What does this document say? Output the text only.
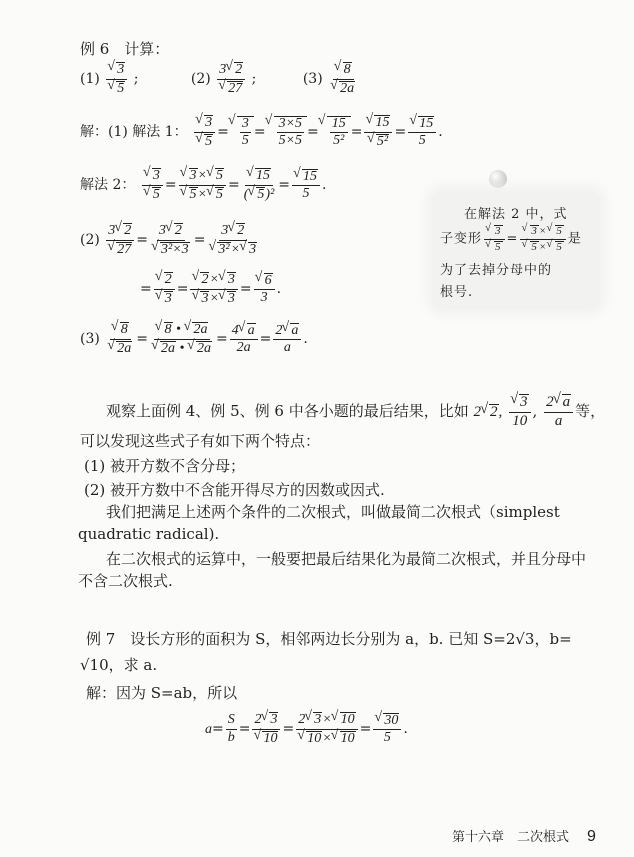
例 6　计算：
(1)
√ 3
√ 5 ;	(2) 3√ 2
√ 27 ;	(3)
√ 8
√ 2a
解：(1) 解法 1：
√ 3
√ 5 =
√ $\frac{3}{5}$ =
√ $\frac{3\times 5}{5\times 5}$ =
√ $\frac{15}{\text{5²}}$ =
√ 15
√ 5² =
√ $\frac{15}{5}$ .
解法 2：
√ 3
√ 5 =
√ 3×√ 5
√ 5×√ 5 =
√ $\frac{15}{\text{(√ 5)²}}$ =
√ $\frac{15}{5}$ .
(2) 3√ 2
√ 27 = 3√ 2
√ 3²×3 = 3√ 2
√ 3²×√ 3
=
√ 2
√ 3 =
√ 2×√ 3
√ 3×√ 3 =
√ $\frac{6}{3}$ .
(3)
√ 8
√ 2a =
√ 8 • √ 2a
√ 2a • √ $2a = \frac{4√ a}{2a} = \frac{2√ a}{a}$ .
在解法 2 中，式
子变形
√ 3
√ 5 =
√ 3×√ 5
√ 5×√ 5 是
为了去掉分母中的
根号.
观察上面例 4、例 5、例 6 中各小题的最后结果，比如 2√ 2,
√ $\frac{3}{10}$ , $\frac{2√ a}{a}$ 等，
可以发现这些式子有如下两个特点：
(1) 被开方数不含分母；
(2) 被开方数中不含能开得尽方的因数或因式.
我们把满足上述两个条件的二次根式，叫做最简二次根式（simplest quadratic radical).
在二次根式的运算中，一般要把最后结果化为最简二次根式，并且分母中不含二次根式.
例 7　设长方形的面积为 S，相邻两边长分别为 a，b. 已知 S=2√3，b=
√10，求 a.
解：因为 S=ab，所以
$a= \frac{S}{b} = 2√$ 3
√ 10 = 2√ 3×√ 10
√ 10×√ 10 =
√ $\frac{30}{5}$ .
第十六章　二次根式 9
